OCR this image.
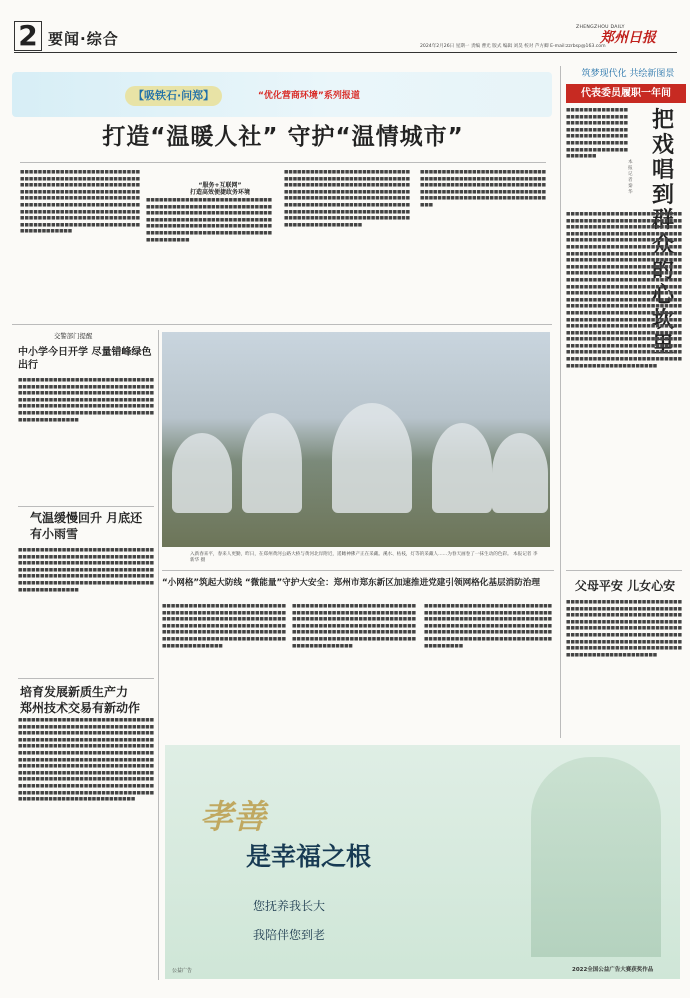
2 要闻·综合	2024年2月26日 星期一 责编 曹光 版式 编辑 刘昊 校对 芦方卿 E-mail:zzrbsp@163.com
ZHENGZHOU DAILY
郑州日报
【吸铁石·问郑】	“优化营商环境”系列报道
打造“温暖人社” 守护“温情城市”
■■■■■■■■■■■■■■■■■■■■■■■■■■■■■■■■■■■■■■■■■■■■■■■■■■■■■■■■■■■■■■■■■■■■■■■■■■■■■■■■■■■■■■■■■■■■■■■■■■■■■■■■■■■■■■■■■■■■■■■■■■■■■■■■■■■■■■■■■■■■■■■■■■■■■■■■■■■■■■■■■■■■■■■■■■■■■■■■■■■■■■■■■■■■■■■■■■■■■■■■■■■■■■■■■■■■■■■■■■■■■■■■■■■■■■■■■■■■■■■■■■■■■■■■■■■■■■■
“服务+互联网”
打造高效便捷政务环境
■■■■■■■■■■■■■■■■■■■■■■■■■■■■■■■■■■■■■■■■■■■■■■■■■■■■■■■■■■■■■■■■■■■■■■■■■■■■■■■■■■■■■■■■■■■■■■■■■■■■■■■■■■■■■■■■■■■■■■■■■■■■■■■■■■■■■■■■■■■■■■■■■■■■■■■■■■■■■■■■■■■■■■■■■■■■■■■■■■■■■■■■
■■■■■■■■■■■■■■■■■■■■■■■■■■■■■■■■■■■■■■■■■■■■■■■■■■■■■■■■■■■■■■■■■■■■■■■■■■■■■■■■■■■■■■■■■■■■■■■■■■■■■■■■■■■■■■■■■■■■■■■■■■■■■■■■■■■■■■■■■■■■■■■■■■■■■■■■■■■■■■■■■■■■■■■■■■■■■■■■■■■■■■■■■■■■■■■■■■■■■■■■■■■■■■■■■■■■■■■■■■■■■■■■■■■■■■■■■■■■■■■■■■■■■■■■■■
■■■■■■■■■■■■■■■■■■■■■■■■■■■■■■■■■■■■■■■■■■■■■■■■■■■■■■■■■■■■■■■■■■■■■■■■■■■■■■■■■■■■■■■■■■■■■■■■■■■■■■■■■■■■■■■■■■■■■■■■■■■■■■■■■■■■■■■■■■■■■■■■■■■■
筑梦现代化 共绘新图景
代表委员履职一年间
把戏唱到群众的心坎里
本报记者 秦华
■■■■■■■■■■■■■■■■■■■■■■■■■■■■■■■■■■■■■■■■■■■■■■■■■■■■■■■■■■■■■■■■■■■■■■■■■■■■■■■■■■■■■■■■■■■■■■■■■■■■■■■■■
■■■■■■■■■■■■■■■■■■■■■■■■■■■■■■■■■■■■■■■■■■■■■■■■■■■■■■■■■■■■■■■■■■■■■■■■■■■■■■■■■■■■■■■■■■■■■■■■■■■■■■■■■■■■■■■■■■■■■■■■■■■■■■■■■■■■■■■■■■■■■■■■■■■■■■■■■■■■■■■■■■■■■■■■■■■■■■■■■■■■■■■■■■■■■■■■■■■■■■■■■■■■■■■■■■■■■■■■■■■■■■■■■■■■■■■■■■■■■■■■■■■■■■■■■■■■■■■■■■■■■■■■■■■■■■■■■■■■■■■■■■■■■■■■■■■■■■■■■■■■■■■■■■■■■■■■■■■■■■■■■■■■■■■■■■■■■■■■■■■■■■■■■■■■■■■■■■■■■■■■■■■■■■■■■■■■■■■■■■■■■■■■■■■■■■■■■■■■■■■■■■■■■■■■■■■■■■■■■■■■■■■■■■■■■■■■■■■■■■■■■■■■■■■■■■■■■■■■■■■■■■■■■■■■■■■■■■■■■■■■■■■■■■■■■■■■■■■■■■■■■■■■■■■■■■■■■■■■■■■■■■■■■■■■■■■■■■■■■■■■■■■■■■■■■■■■■■■■■■■■■■■■■■■■■■■■■■■■■■■■■■■■■■■■■■■■■■■■■■■■■■■■■■■■■■■■■■■■■■■
交警部门提醒
中小学今日开学 尽量错峰绿色出行
■■■■■■■■■■■■■■■■■■■■■■■■■■■■■■■■■■■■■■■■■■■■■■■■■■■■■■■■■■■■■■■■■■■■■■■■■■■■■■■■■■■■■■■■■■■■■■■■■■■■■■■■■■■■■■■■■■■■■■■■■■■■■■■■■■■■■■■■■■■■■■■■■■■■■■■■■■■■■■■■■■■■■■■■■■■■■■■■■■■■■■■■■■■■■■■■■■■■■■■■
气温缓慢回升 月底还有小雨雪
■■■■■■■■■■■■■■■■■■■■■■■■■■■■■■■■■■■■■■■■■■■■■■■■■■■■■■■■■■■■■■■■■■■■■■■■■■■■■■■■■■■■■■■■■■■■■■■■■■■■■■■■■■■■■■■■■■■■■■■■■■■■■■■■■■■■■■■■■■■■■■■■■■■■■■■■■■■■■■■■■■■■■■■■■■■■■■■■■■■■■■■■■■■■■■■■■■■■■■■■
培育发展新质生产力 郑州技术交易有新动作
■■■■■■■■■■■■■■■■■■■■■■■■■■■■■■■■■■■■■■■■■■■■■■■■■■■■■■■■■■■■■■■■■■■■■■■■■■■■■■■■■■■■■■■■■■■■■■■■■■■■■■■■■■■■■■■■■■■■■■■■■■■■■■■■■■■■■■■■■■■■■■■■■■■■■■■■■■■■■■■■■■■■■■■■■■■■■■■■■■■■■■■■■■■■■■■■■■■■■■■■■■■■■■■■■■■■■■■■■■■■■■■■■■■■■■■■■■■■■■■■■■■■■■■■■■■■■■■■■■■■■■■■■■■■■■■■■■■■■■■■■■■■■■■■■■■■■■■■■■■■■■■■■■■■■■■■■■■■■■■■■■■■■■■■■■■■■■■■■■■■■■■■■■■■■■■■■■■■■■■■■■■■■■■■■■■■■■■■■■■■■■■■■■■■■■■■■■■■■■■
入新春来平，春来人更勤，昨日，在郑州黄河公路大桥与黄河北岸附近，遥瞰神佛产正在采藏。溪水、枯枝，灯等的采藏人……为春天画卷了一抹生动的色彩。 本报记者 李新华 摄
“小网格”筑起大防线 “微能量”守护大安全：郑州市郑东新区加速推进党建引领网格化基层消防治理
■■■■■■■■■■■■■■■■■■■■■■■■■■■■■■■■■■■■■■■■■■■■■■■■■■■■■■■■■■■■■■■■■■■■■■■■■■■■■■■■■■■■■■■■■■■■■■■■■■■■■■■■■■■■■■■■■■■■■■■■■■■■■■■■■■■■■■■■■■■■■■■■■■■■■■■■■■■■■■■■■■■■■■■■■■■■■■■■■■■■■■
■■■■■■■■■■■■■■■■■■■■■■■■■■■■■■■■■■■■■■■■■■■■■■■■■■■■■■■■■■■■■■■■■■■■■■■■■■■■■■■■■■■■■■■■■■■■■■■■■■■■■■■■■■■■■■■■■■■■■■■■■■■■■■■■■■■■■■■■■■■■■■■■■■■■■■■■■■■■■■■■■■■■■■■■■■■■■■■■■■■■■■
■■■■■■■■■■■■■■■■■■■■■■■■■■■■■■■■■■■■■■■■■■■■■■■■■■■■■■■■■■■■■■■■■■■■■■■■■■■■■■■■■■■■■■■■■■■■■■■■■■■■■■■■■■■■■■■■■■■■■■■■■■■■■■■■■■■■■■■■■■■■■■■■■■■■■■■■■■■■■■■■■■■■■■■■■■■■■■■■■■■■■■■
父母平安 儿女心安
■■■■■■■■■■■■■■■■■■■■■■■■■■■■■■■■■■■■■■■■■■■■■■■■■■■■■■■■■■■■■■■■■■■■■■■■■■■■■■■■■■■■■■■■■■■■■■■■■■■■■■■■■■■■■■■■■■■■■■■■■■■■■■■■■■■■■■■■■■■■■■■■■■■■■■■■■■■■■■■■■■■■■■■■■■■■■■■■■■■■■■■■■■■■■■■■■■■■■■■■■■■■■■■■■■■■■■■■■■■■■■■■■■■■■
孝善
是幸福之根
您抚养我长大
我陪伴您到老
公益广告	2022全国公益广告大赛获奖作品
